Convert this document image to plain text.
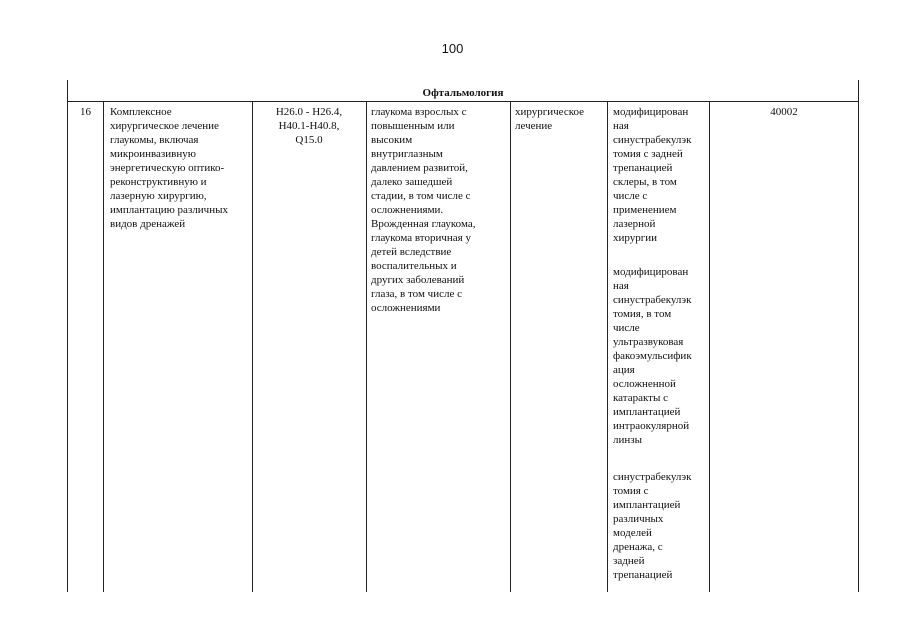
100
Офтальмология

16 Комплексное
хирургическое лечение
глаукомы, включая
микроинвазивную
энергетическую оптико-
реконструктивную и
лазерную хирургию,
имплантацию различных
видов дренажей

H26.0 - H26.4,
H40.1-H40.8,
Q15.0

глаукома взрослых с
повышенным или
высоким
внутриглазным
давлением развитой,
далеко зашедшей
стадии, в том числе с
осложнениями.
Врожденная глаукома,
глаукома вторичная у
детей вследствие
воспалительных и
других заболеваний
глаза, в том числе с
осложнениями

хирургическое
лечение

модифицирован
ная
синустрабекулэк
томия с задней
трепанацией
склеры, в том
числе с
применением
лазерной
хирургии

модифицирован
ная
синустрабекулэк
томия, в том
числе
ультразвуковая
факоэмульсифик
ация
осложненной
катаракты с
имплантацией
интраокулярной
линзы

синустрабекулэк
томия с
имплантацией
различных
моделей
дренажа, с
задней
трепанацией

40002
